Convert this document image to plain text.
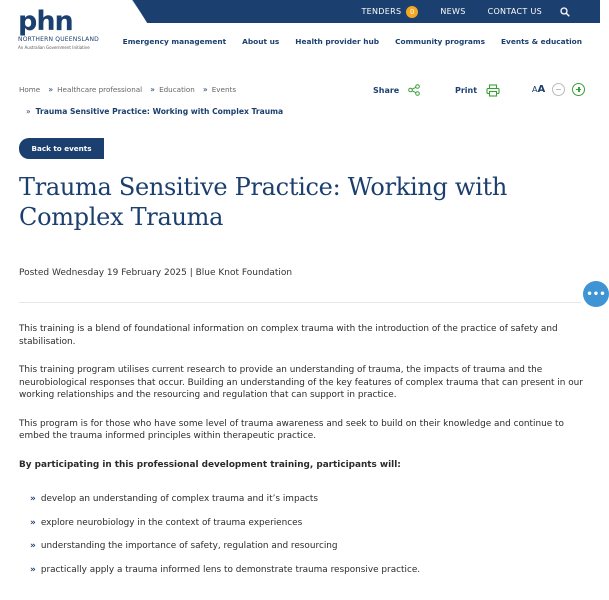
phn
NORTHERN QUEENSLAND
An Australian Government Initiative
TENDERS	0	NEWS	CONTACT US
Emergency management About us Health provider hub Community programs Events & education
Home » Healthcare professional » Education » Events
» Trauma Sensitive Practice: Working with Complex Trauma
Share	Print	AA
Back to events
Trauma Sensitive Practice: Working with Complex Trauma
Posted Wednesday 19 February 2025 | Blue Knot Foundation
•••

This training is a blend of foundational information on complex trauma with the introduction of the practice of safety and stabilisation.

This training program utilises current research to provide an understanding of trauma, the impacts of trauma and the neurobiological responses that occur. Building an understanding of the key features of complex trauma that can present in our working relationships and the resourcing and regulation that can support in practice.

This program is for those who have some level of trauma awareness and seek to build on their knowledge and continue to embed the trauma informed principles within therapeutic practice.

By participating in this professional development training, participants will:

» develop an understanding of complex trauma and it’s impacts
» explore neurobiology in the context of trauma experiences
» understanding the importance of safety, regulation and resourcing
» practically apply a trauma informed lens to demonstrate trauma responsive practice.
